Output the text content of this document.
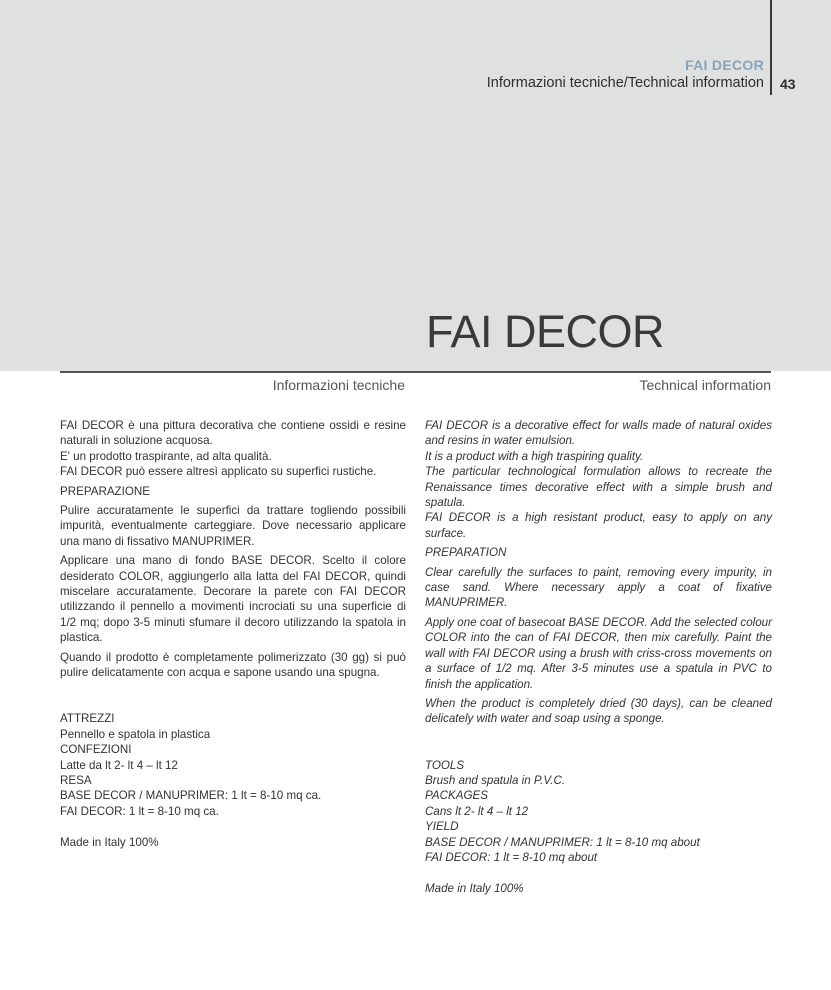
FAI DECOR
Informazioni tecniche/Technical information 43
FAI DECOR
Informazioni tecniche	Technical information

FAI DECOR è una pittura decorativa che contiene ossidi e resine naturali in soluzione acquosa.

E' un prodotto traspirante, ad alta qualità.

FAI DECOR può essere altresì applicato su superfici rustiche.

PREPARAZIONE

Pulire accuratamente le superfici da trattare togliendo possibili impurità, eventualmente carteggiare. Dove necessario applicare una mano di fissativo MANUPRIMER.

Applicare una mano di fondo BASE DECOR. Scelto il colore desiderato COLOR, aggiungerlo alla latta del FAI DECOR, quindi miscelare accuratamente. Decorare la parete con FAI DECOR utilizzando il pennello a movimenti incrociati su una superficie di 1/2 mq; dopo 3-5 minuti sfumare il decoro utilizzando la spatola in plastica.

Quando il prodotto è completamente polimerizzato (30 gg) si può pulire delicatamente con acqua e sapone usando una spugna.

ATTREZZI

Pennello e spatola in plastica

CONFEZIONI

Latte da lt 2- lt 4 – lt 12

RESA

BASE DECOR / MANUPRIMER: 1 lt = 8-10 mq ca.

FAI DECOR: 1 lt = 8-10 mq ca.

Made in Italy 100%

FAI DECOR is a decorative effect for walls made of natural oxides and resins in water emulsion.

It is a product with a high traspiring quality.

The particular technological formulation allows to recreate the Renaissance times decorative effect with a simple brush and spatula.

FAI DECOR is a high resistant product, easy to apply on any surface.

PREPARATION

Clear carefully the surfaces to paint, removing every impurity, in case sand. Where necessary apply a coat of fixative MANUPRIMER.

Apply one coat of basecoat BASE DECOR. Add the selected colour COLOR into the can of FAI DECOR, then mix carefully. Paint the wall with FAI DECOR using a brush with criss-cross movements on a surface of 1/2 mq. After 3-5 minutes use a spatula in PVC to finish the application.

When the product is completely dried (30 days), can be cleaned delicately with water and soap using a sponge.

TOOLS

Brush and spatula in P.V.C.

PACKAGES

Cans lt 2- lt 4 – lt 12

YIELD

BASE DECOR / MANUPRIMER: 1 lt = 8-10 mq about

FAI DECOR: 1 lt = 8-10 mq about

Made in Italy 100%
